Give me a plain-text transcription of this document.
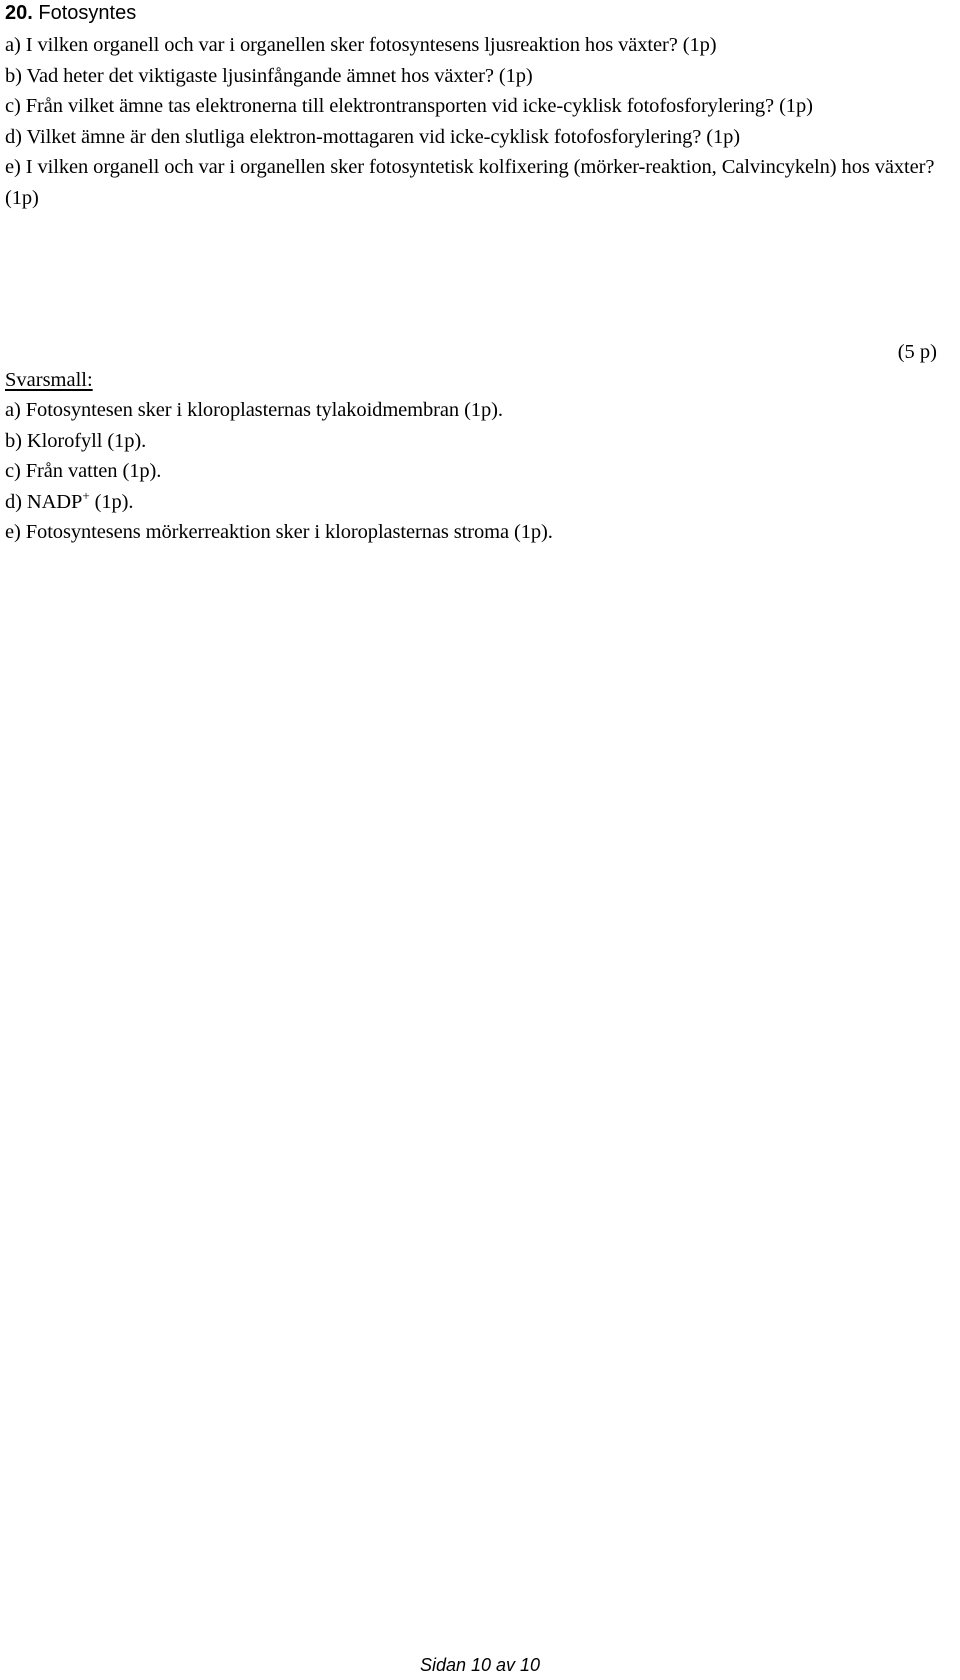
20. Fotosyntes

a) I vilken organell och var i organellen sker fotosyntesens ljusreaktion hos växter? (1p)

b) Vad heter det viktigaste ljusinfångande ämnet hos växter? (1p)

c) Från vilket ämne tas elektronerna till elektrontransporten vid icke-cyklisk fotofosforylering? (1p)

d) Vilket ämne är den slutliga elektron-mottagaren vid icke-cyklisk fotofosforylering? (1p)

e) I vilken organell och var i organellen sker fotosyntetisk kolfixering (mörker-reaktion, Calvincykeln) hos växter? (1p)

(5 p)
Svarsmall:

a) Fotosyntesen sker i kloroplasternas tylakoidmembran (1p).

b) Klorofyll (1p).

c) Från vatten (1p).

d) NADP+ (1p).

e) Fotosyntesens mörkerreaktion sker i kloroplasternas stroma (1p).

Sidan 10 av 10
